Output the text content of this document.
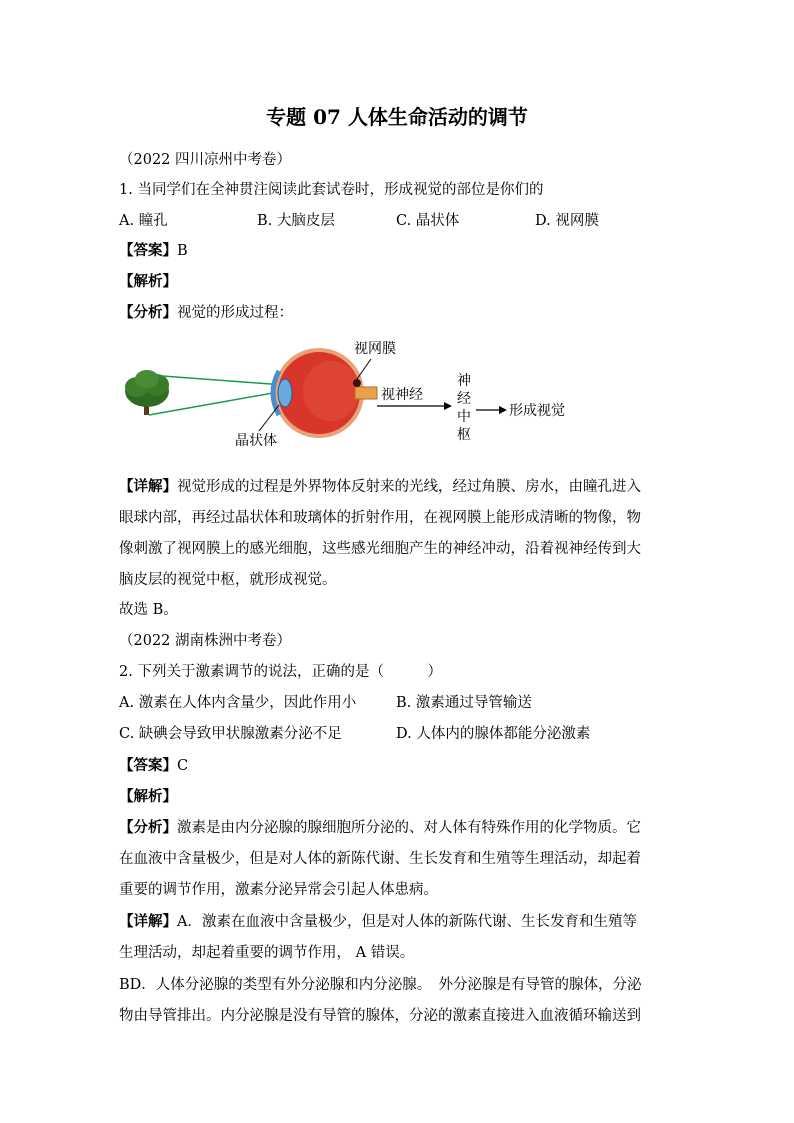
专题 07 人体生命活动的调节
（2022 四川凉州中考卷）
1. 当同学们在全神贯注阅读此套试卷时，形成视觉的部位是你们的
A. 瞳孔	B. 大脑皮层	C. 晶状体	D. 视网膜
【答案】B
【解析】
【分析】视觉的形成过程：
视网膜
视神经
神
经
中
枢
形成视觉
晶状体
【详解】视觉形成的过程是外界物体反射来的光线，经过角膜、房水，由瞳孔进入
眼球内部，再经过晶状体和玻璃体的折射作用，在视网膜上能形成清晰的物像，物
像刺激了视网膜上的感光细胞，这些感光细胞产生的神经冲动，沿着视神经传到大
脑皮层的视觉中枢，就形成视觉。
故选 B。
（2022 湖南株洲中考卷）
2. 下列关于激素调节的说法，正确的是（　　　）
A. 激素在人体内含量少，因此作用小	B. 激素通过导管输送
C. 缺碘会导致甲状腺激素分泌不足	D. 人体内的腺体都能分泌激素
【答案】C
【解析】
【分析】激素是由内分泌腺的腺细胞所分泌的、对人体有特殊作用的化学物质。它
在血液中含量极少，但是对人体的新陈代谢、生长发育和生殖等生理活动，却起着
重要的调节作用，激素分泌异常会引起人体患病。
【详解】A．激素在血液中含量极少，但是对人体的新陈代谢、生长发育和生殖等
生理活动，却起着重要的调节作用， A 错误。
BD．人体分泌腺的类型有外分泌腺和内分泌腺。　外分泌腺是有导管的腺体，分泌
物由导管排出。内分泌腺是没有导管的腺体，分泌的激素直接进入血液循环输送到
